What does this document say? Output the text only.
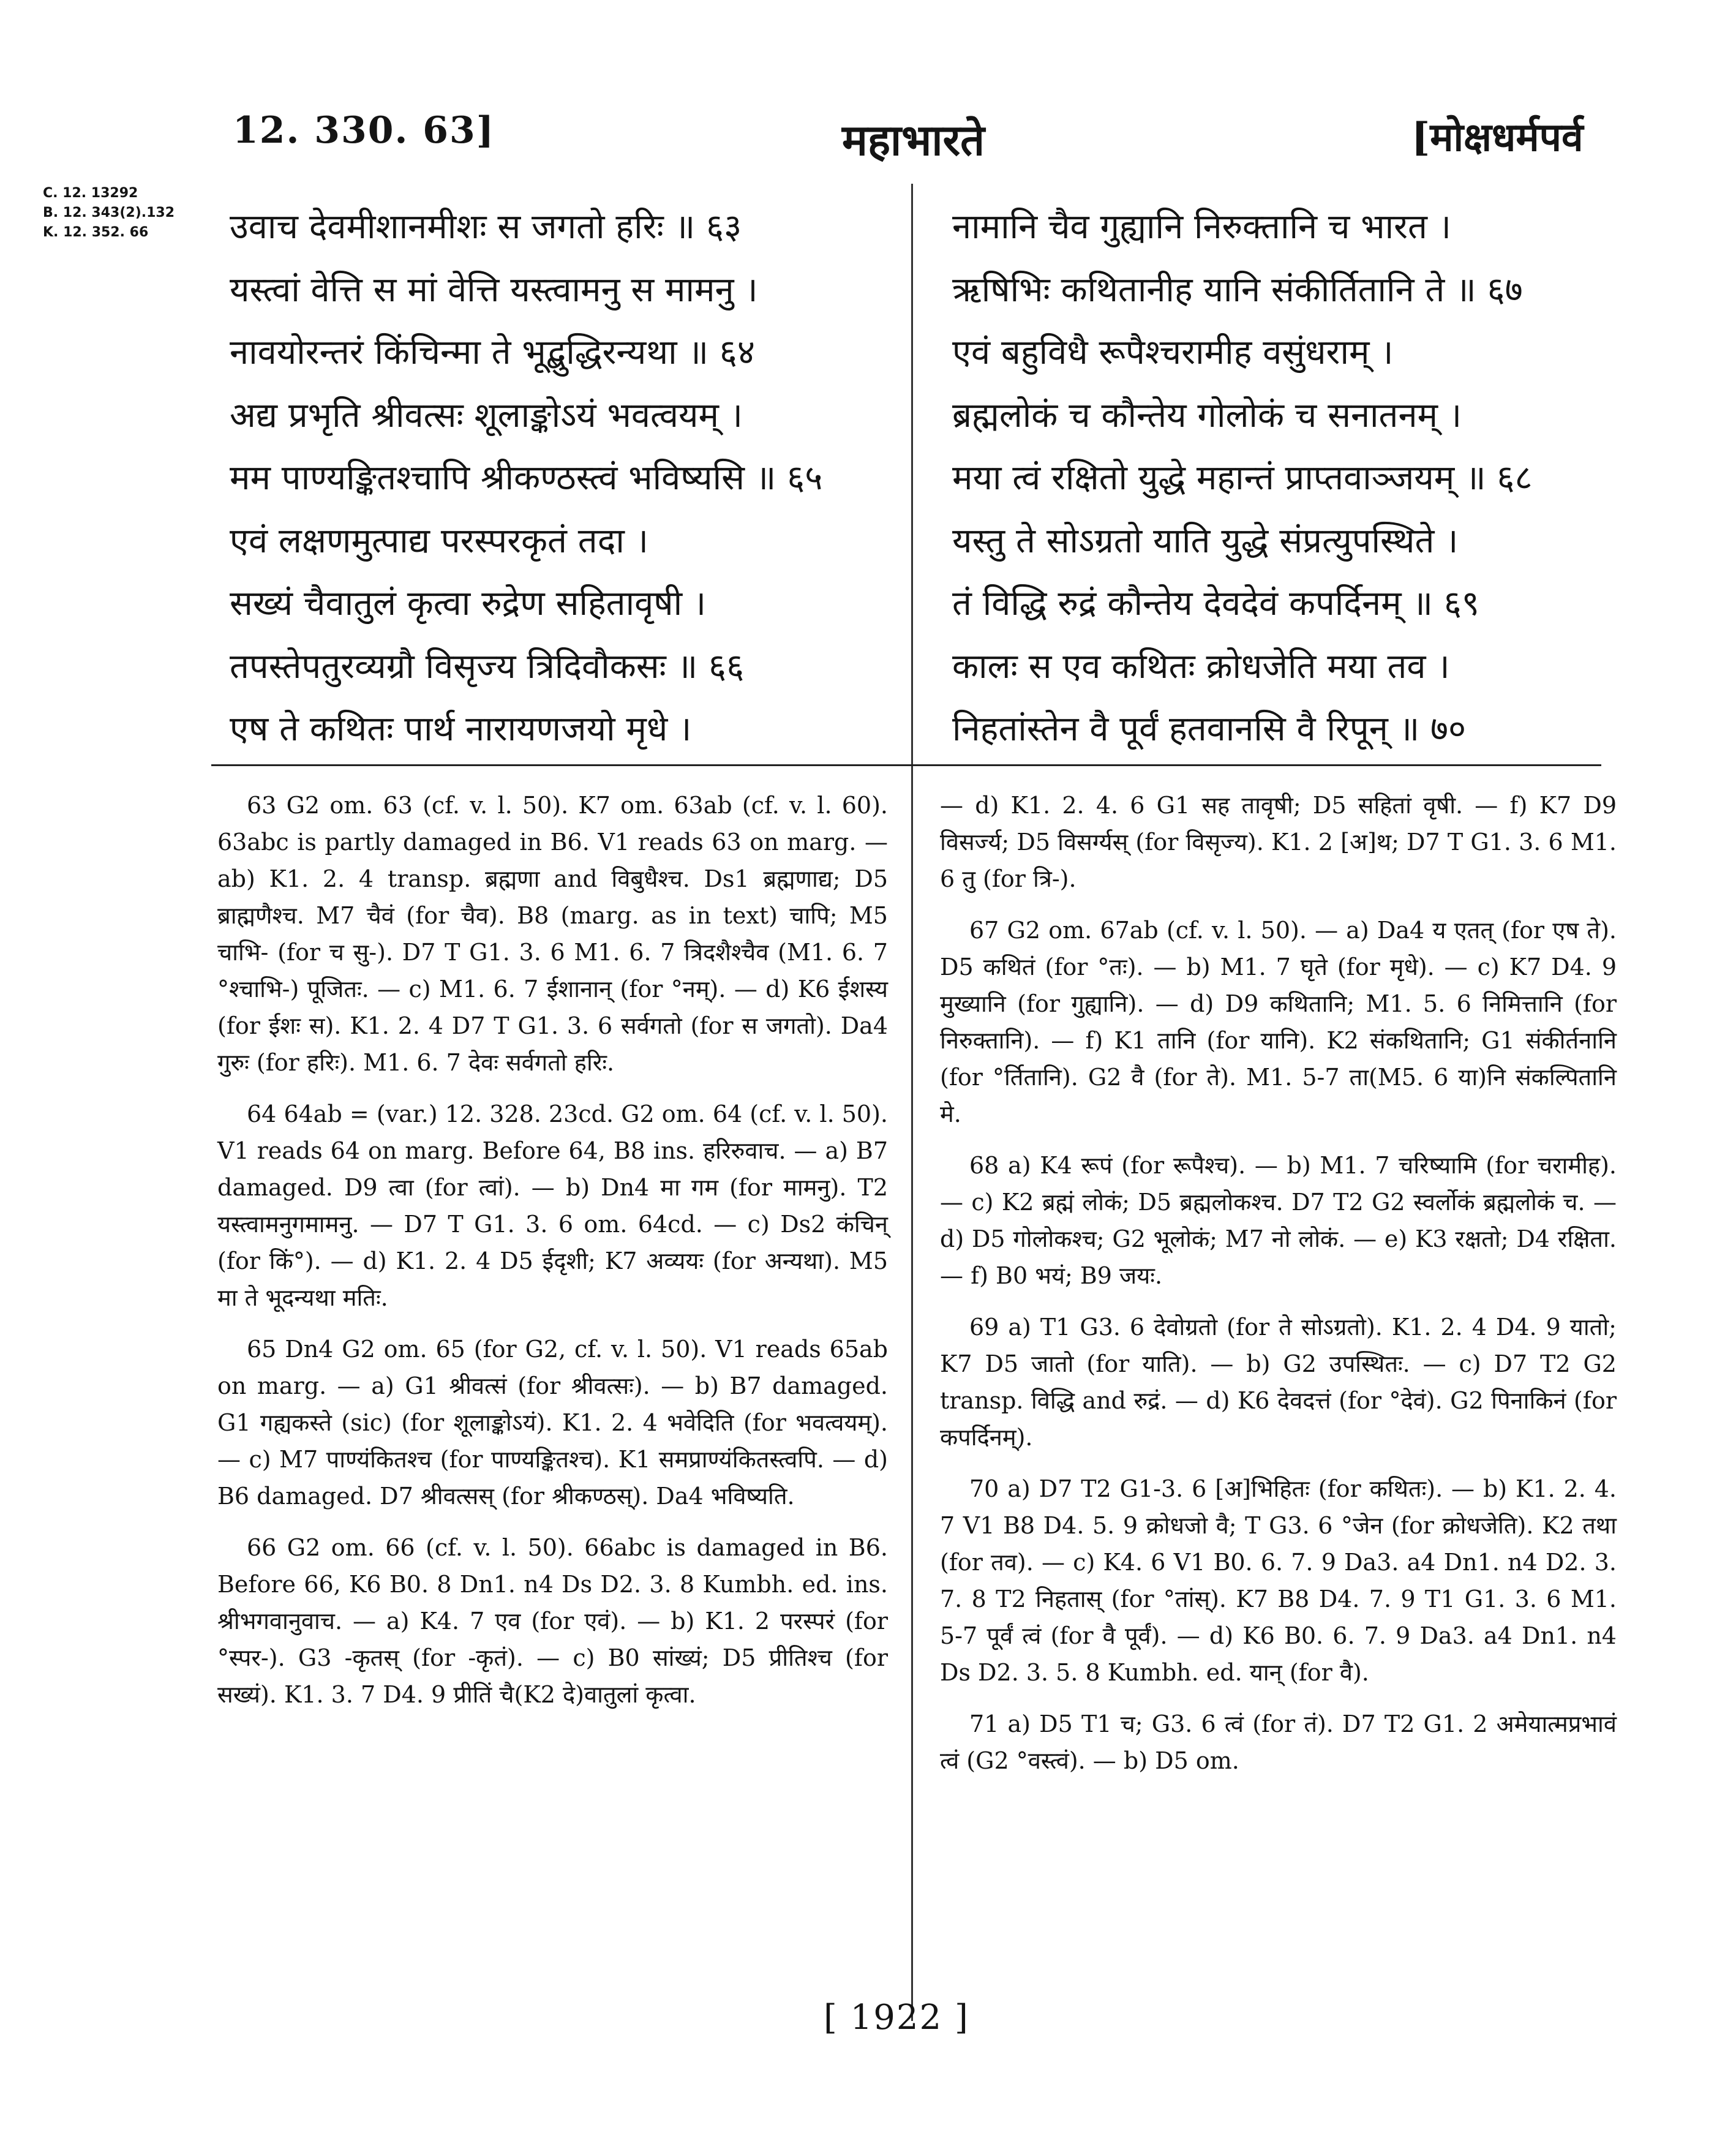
12. 330. 63]	महाभारते	[मोक्षधर्मपर्व
C. 12. 13292
B. 12. 343(2).132
K. 12. 352. 66	उवाच देवमीशानमीशः स जगतो हरिः ॥ ६३
यस्त्वां वेत्ति स मां वेत्ति यस्त्वामनु स मामनु ।
नावयोरन्तरं किंचिन्मा ते भूद्बुद्धिरन्यथा ॥ ६४
अद्य प्रभृति श्रीवत्सः शूलाङ्कोऽयं भवत्वयम् ।
मम पाण्यङ्कितश्चापि श्रीकण्ठस्त्वं भविष्यसि ॥ ६५
एवं लक्षणमुत्पाद्य परस्परकृतं तदा ।
सख्यं चैवातुलं कृत्वा रुद्रेण सहितावृषी ।
तपस्तेपतुरव्यग्रौ विसृज्य त्रिदिवौकसः ॥ ६६
एष ते कथितः पार्थ नारायणजयो मृधे ।
नामानि चैव गुह्यानि निरुक्तानि च भारत ।
ऋषिभिः कथितानीह यानि संकीर्तितानि ते ॥ ६७
एवं बहुविधै रूपैश्चरामीह वसुंधराम् ।
ब्रह्मलोकं च कौन्तेय गोलोकं च सनातनम् ।
मया त्वं रक्षितो युद्धे महान्तं प्राप्तवाञ्जयम् ॥ ६८
यस्तु ते सोऽग्रतो याति युद्धे संप्रत्युपस्थिते ।
तं विद्धि रुद्रं कौन्तेय देवदेवं कपर्दिनम् ॥ ६९
कालः स एव कथितः क्रोधजेति मया तव ।
निहतांस्तेन वै पूर्वं हतवानसि वै रिपून् ॥ ७०

63 G2 om. 63 (cf. v. l. 50). K7 om. 63ab (cf. v. l. 60). 63abc is partly damaged in B6. V1 reads 63 on marg. — ab) K1. 2. 4 transp. ब्रह्मणा and विबुधैश्च. Ds1 ब्रह्मणाद्य; D5 ब्राह्मणैश्च. M7 चैवं (for चैव). B8 (marg. as in text) चापि; M5 चाभि- (for च सु-). D7 T G1. 3. 6 M1. 6. 7 त्रिदशैश्चैव (M1. 6. 7 °श्चाभि-) पूजितः. — c) M1. 6. 7 ईशानान् (for °नम्). — d) K6 ईशस्य (for ईशः स). K1. 2. 4 D7 T G1. 3. 6 सर्वगतो (for स जगतो). Da4 गुरुः (for हरिः). M1. 6. 7 देवः सर्वगतो हरिः.

64 64ab = (var.) 12. 328. 23cd. G2 om. 64 (cf. v. l. 50). V1 reads 64 on marg. Before 64, B8 ins. हरिरुवाच. — a) B7 damaged. D9 त्वा (for त्वां). — b) Dn4 मा गम (for मामनु). T2 यस्त्वामनुगमामनु. — D7 T G1. 3. 6 om. 64cd. — c) Ds2 कंचिन् (for किं°). — d) K1. 2. 4 D5 ईदृशी; K7 अव्ययः (for अन्यथा). M5 मा ते भूदन्यथा मतिः.

65 Dn4 G2 om. 65 (for G2, cf. v. l. 50). V1 reads 65ab on marg. — a) G1 श्रीवत्सं (for श्रीवत्सः). — b) B7 damaged. G1 गह्यकस्ते (sic) (for शूलाङ्कोऽयं). K1. 2. 4 भवेदिति (for भवत्वयम्). — c) M7 पाण्यंकितश्च (for पाण्यङ्कितश्च). K1 समप्राण्यंकितस्त्वपि. — d) B6 damaged. D7 श्रीवत्सस् (for श्रीकण्ठस्). Da4 भविष्यति.

66 G2 om. 66 (cf. v. l. 50). 66abc is damaged in B6. Before 66, K6 B0. 8 Dn1. n4 Ds D2. 3. 8 Kumbh. ed. ins. श्रीभगवानुवाच. — a) K4. 7 एव (for एवं). — b) K1. 2 परस्परं (for °स्पर-). G3 -कृतस् (for -कृतं). — c) B0 सांख्यं; D5 प्रीतिश्च (for सख्यं). K1. 3. 7 D4. 9 प्रीतिं चै(K2 दे)वातुलां कृत्वा.

— d) K1. 2. 4. 6 G1 सह तावृषी; D5 सहितां वृषी. — f) K7 D9 विसर्ज्य; D5 विसर्ग्यस् (for विसृज्य). K1. 2 [अ]थ; D7 T G1. 3. 6 M1. 6 तु (for त्रि-).

67 G2 om. 67ab (cf. v. l. 50). — a) Da4 य एतत् (for एष ते). D5 कथितं (for °तः). — b) M1. 7 घृते (for मृधे). — c) K7 D4. 9 मुख्यानि (for गुह्यानि). — d) D9 कथितानि; M1. 5. 6 निमित्तानि (for निरुक्तानि). — f) K1 तानि (for यानि). K2 संकथितानि; G1 संकीर्तनानि (for °र्तितानि). G2 वै (for ते). M1. 5-7 ता(M5. 6 या)नि संकल्पितानि मे.

68 a) K4 रूपं (for रूपैश्च). — b) M1. 7 चरिष्यामि (for चरामीह). — c) K2 ब्रह्मं लोकं; D5 ब्रह्मलोकश्च. D7 T2 G2 स्वर्लोकं ब्रह्मलोकं च. — d) D5 गोलोकश्च; G2 भूलोकं; M7 नो लोकं. — e) K3 रक्षतो; D4 रक्षिता. — f) B0 भयं; B9 जयः.

69 a) T1 G3. 6 देवोग्रतो (for ते सोऽग्रतो). K1. 2. 4 D4. 9 यातो; K7 D5 जातो (for याति). — b) G2 उपस्थितः. — c) D7 T2 G2 transp. विद्धि and रुद्रं. — d) K6 देवदत्तं (for °देवं). G2 पिनाकिनं (for कपर्दिनम्).

70 a) D7 T2 G1-3. 6 [अ]भिहितः (for कथितः). — b) K1. 2. 4. 7 V1 B8 D4. 5. 9 क्रोधजो वै; T G3. 6 °जेन (for क्रोधजेति). K2 तथा (for तव). — c) K4. 6 V1 B0. 6. 7. 9 Da3. a4 Dn1. n4 D2. 3. 7. 8 T2 निहतास् (for °तांस्). K7 B8 D4. 7. 9 T1 G1. 3. 6 M1. 5-7 पूर्वं त्वं (for वै पूर्वं). — d) K6 B0. 6. 7. 9 Da3. a4 Dn1. n4 Ds D2. 3. 5. 8 Kumbh. ed. यान् (for वै).

71 a) D5 T1 च; G3. 6 त्वं (for तं). D7 T2 G1. 2 अमेयात्मप्रभावं त्वं (G2 °वस्त्वं). — b) D5 om.

[ 1922 ]
